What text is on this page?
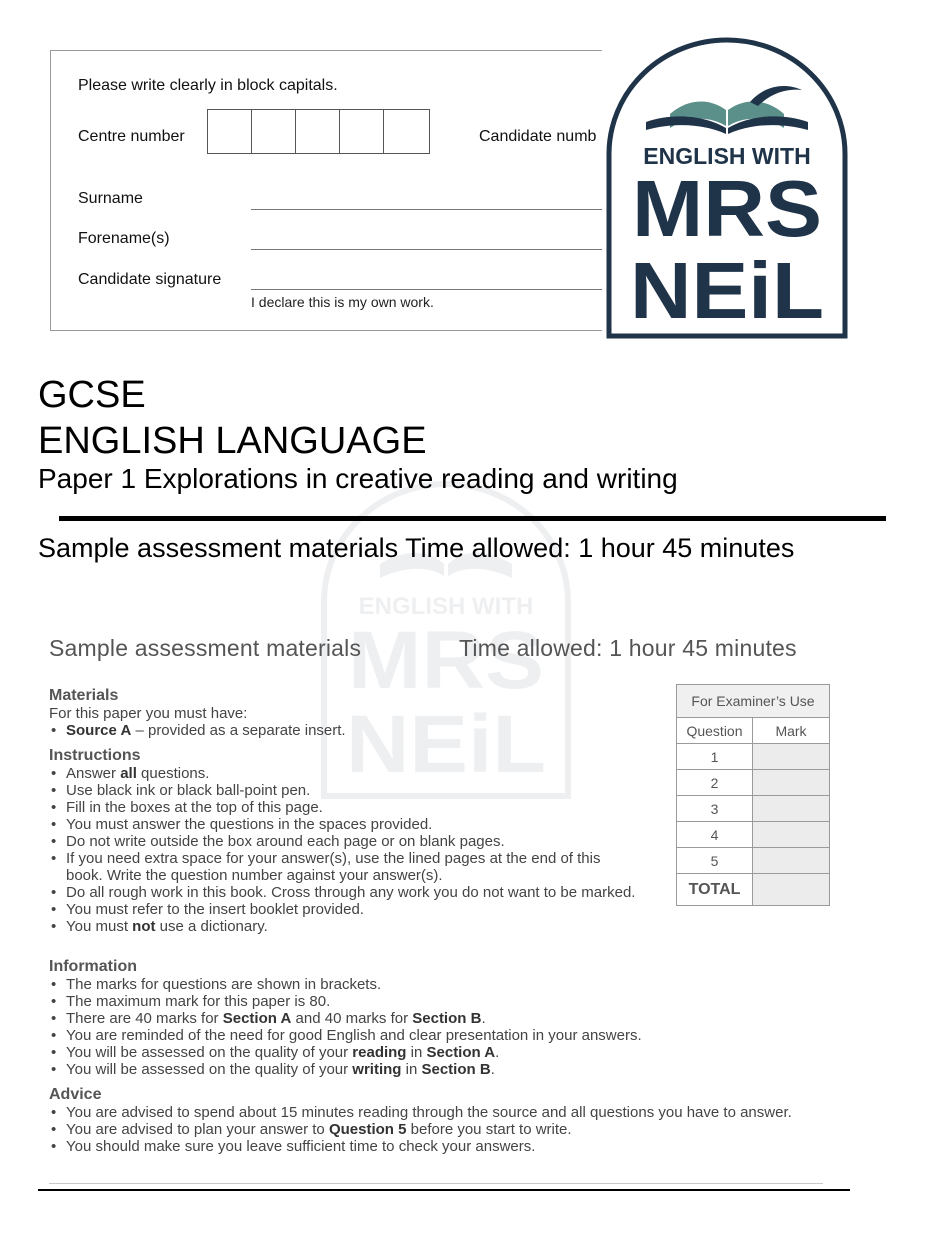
Please write clearly in block capitals.
Centre number	Candidate numb
Surname
Forename(s)
Candidate signature
I declare this is my own work.
ENGLISH WITH
MRS
NEiL
ENGLISH WITH
MRS
NEiL
GCSE
ENGLISH LANGUAGE
Paper 1 Explorations in creative reading and writing
Sample assessment materials Time allowed: 1 hour 45 minutes
Sample assessment materials	Time allowed: 1 hour 45 minutes
Materials

For this paper you must have:

• Source A – provided as a separate insert.
Instructions
• Answer all questions.
• Use black ink or black ball-point pen.
• Fill in the boxes at the top of this page.
• You must answer the questions in the spaces provided.
• Do not write outside the box around each page or on blank pages.
• If you need extra space for your answer(s), use the lined pages at the end of this book. Write the question number against your answer(s).
• Do all rough work in this book. Cross through any work you do not want to be marked.
• You must refer to the insert booklet provided.
• You must not use a dictionary.
Information
• The marks for questions are shown in brackets.
• The maximum mark for this paper is 80.
• There are 40 marks for Section A and 40 marks for Section B.
• You are reminded of the need for good English and clear presentation in your answers.
• You will be assessed on the quality of your reading in Section A.
• You will be assessed on the quality of your writing in Section B.
Advice
• You are advised to spend about 15 minutes reading through the source and all questions you have to answer.
• You are advised to plan your answer to Question 5 before you start to write.
• You should make sure you leave sufficient time to check your answers.
For Examiner’s Use	
Question	Mark
1	
2	
3	
4	
5	
TOTAL	
